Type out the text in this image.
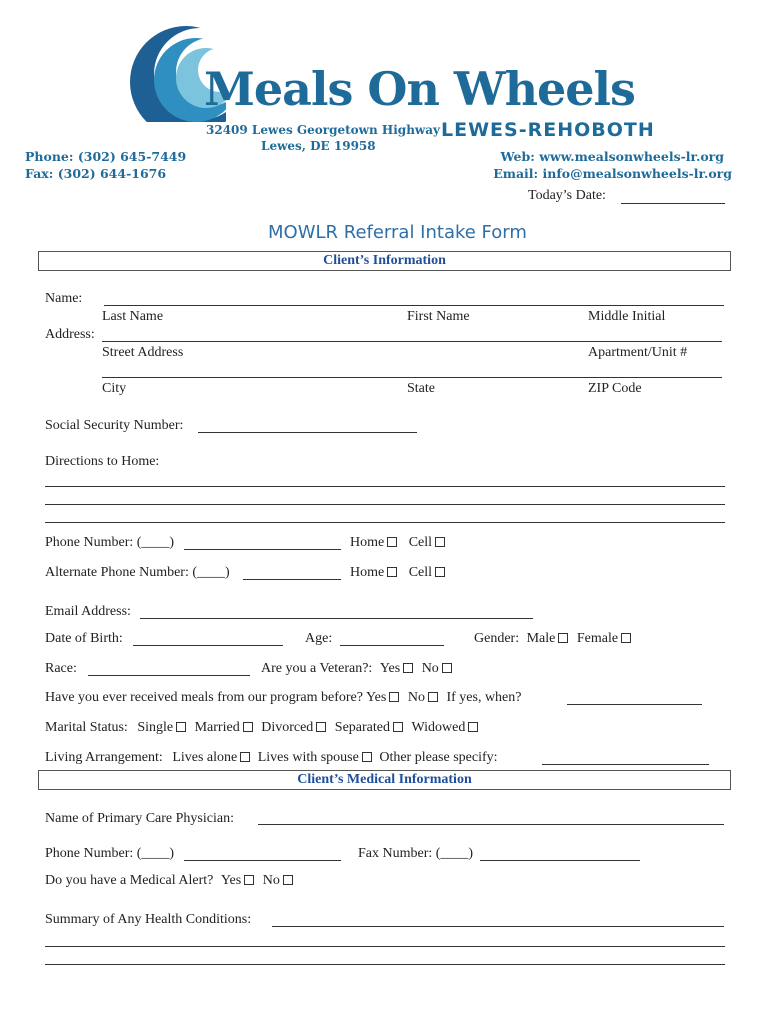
Meals On Wheels
LEWES-REHOBOTH
32409 Lewes Georgetown Highway
Lewes, DE 19958
Phone: (302) 645-7449
Fax: (302) 644-1676
Web: www.mealsonwheels-lr.org
Email: info@mealsonwheels-lr.org
Today’s Date:
MOWLR Referral Intake Form
Client’s Information
Name:
Last Name	First Name	Middle Initial
Address:
Street Address	Apartment/Unit #
City	State	ZIP Code
Social Security Number:
Directions to Home:
Phone Number: (____)	Home Cell
Alternate Phone Number: (____)	Home Cell
Email Address:
Date of Birth:	Age:	Gender: Male Female
Race:	Are you a Veteran?: Yes No
Have you ever received meals from our program before? Yes No If yes, when?
Marital Status: Single Married Divorced Separated Widowed
Living Arrangement: Lives alone Lives with spouse Other please specify:
Client’s Medical Information
Name of Primary Care Physician:
Phone Number: (____)	Fax Number: (____)
Do you have a Medical Alert? Yes No
Summary of Any Health Conditions:
